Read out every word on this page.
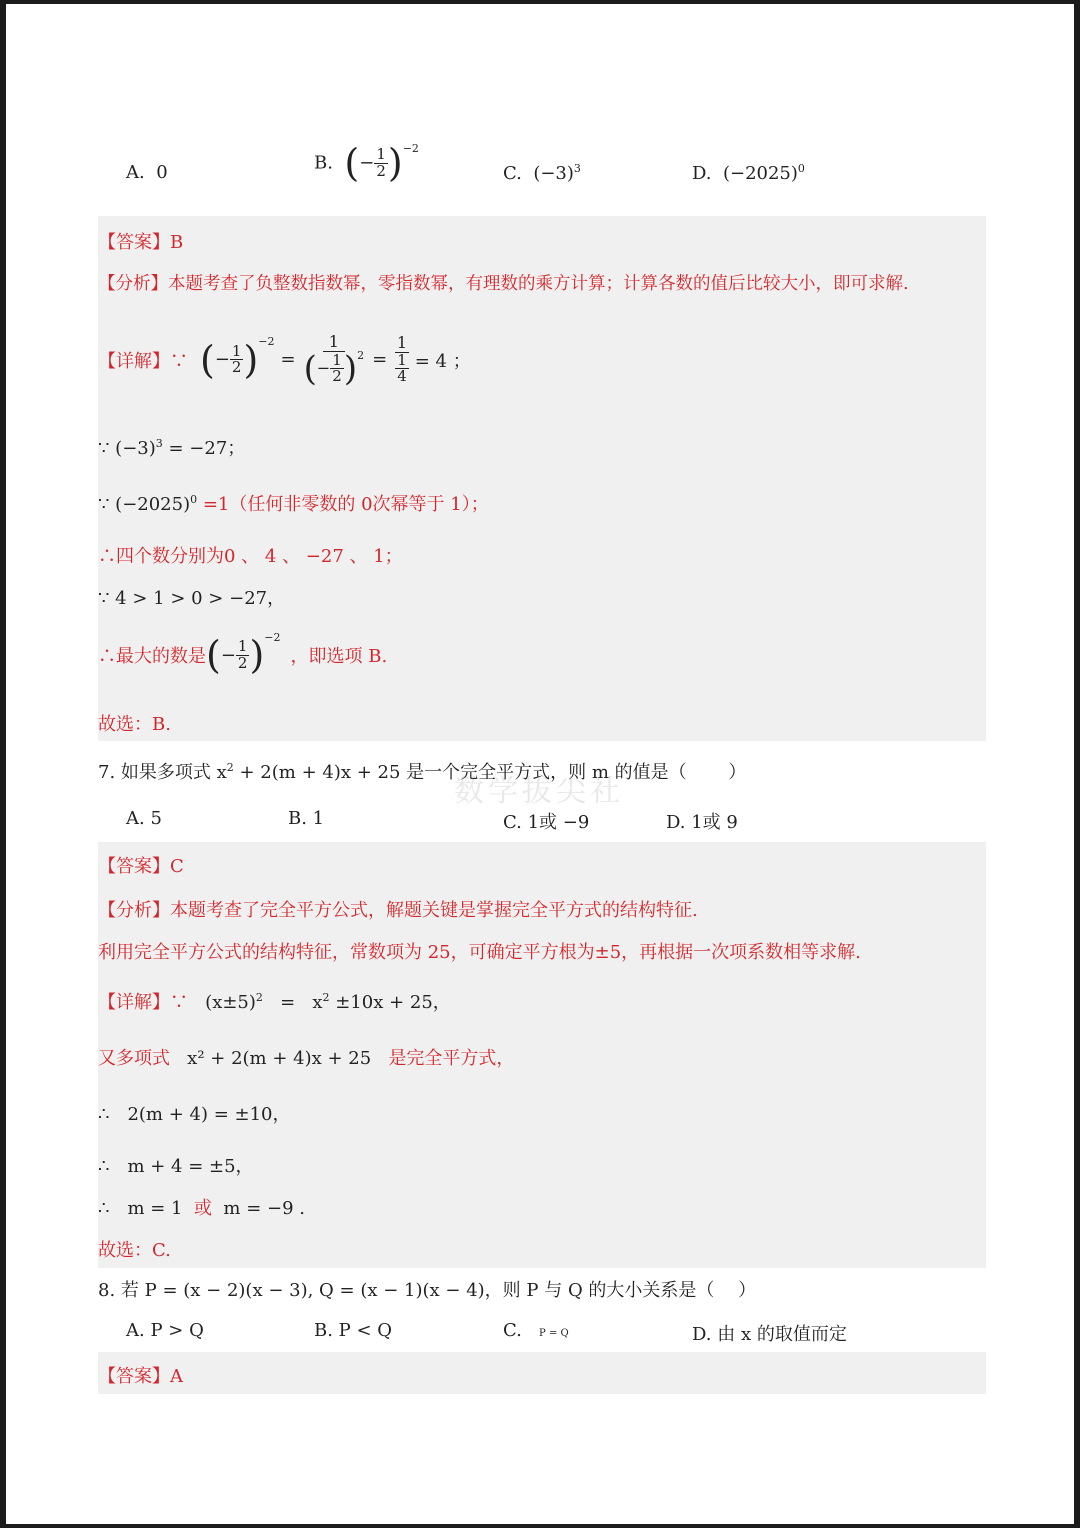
A. 0	B. (− $\frac{1}{2} )^{-2}$
C. $(-3)^3$	D. $(-2025)^0$
【答案】B
【分析】本题考查了负整数指数幂，零指数幂，有理数的乘方计算；计算各数的值后比较大小，即可求解.
【详解】∵ ( − $\frac{1}{2}$ ) −2
= $\frac{1}{(- \frac{1}{2} )^2} = \frac{1}{\frac{1}{4}} = 4$ ；
∵ $(-3)^3 = -27$；
∵ $(-2025)^0 =1$（任何非零数的 0次幂等于 1）；
∴四个数分别为0 、 4 、 −27 、 1；
∵ 4 > 1 > 0 > −27，
∴最大的数是 ( − $\frac{1}{2}$ ) −2
，即选项 B.
故选：B.
7. 如果多项式 $x^2 + 2(m + 4)x + 25$ 是一个完全平方式，则 m 的值是（　　 ）
A. 5	B. 1	C. 1或 −9	D. 1或 9
数学拔尖社
【答案】C
【分析】本题考查了完全平方公式，解题关键是掌握完全平方式的结构特征.
利用完全平方公式的结构特征，常数项为 25，可确定平方根为±5，再根据一次项系数相等求解.
【详解】∵ $(x\pm 5)^2 = x^2 \pm 10x + 25$，
又多项式 x² + 2(m + 4)x + 25 是完全平方式，
∴　2(m + 4) = ±10，
∴　m + 4 = ±5，
∴　m = 1 或 m = −9 .
故选：C.
8. 若 P = (x − 2)(x − 3), Q = (x − 1)(x − 4)，则 P 与 Q 的大小关系是（　 ）
A. P > Q	B. P < Q	C. P = Q	D. 由 x 的取值而定
【答案】A
